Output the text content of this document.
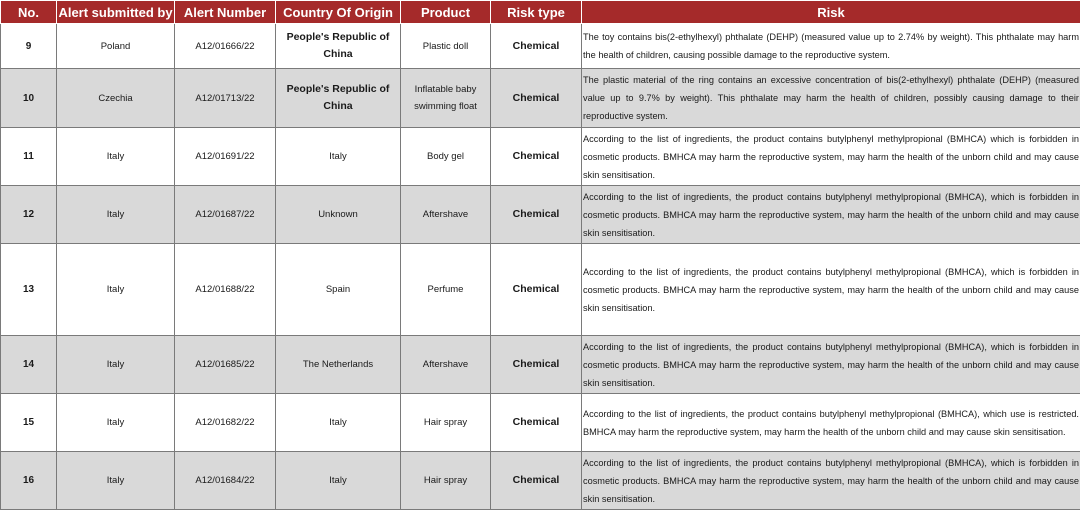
No.	Alert submitted by	Alert Number	Country Of Origin	Product	Risk type	Risk
9	Poland	A12/01666/22	People's Republic of China	Plastic doll	Chemical	The toy contains bis(2-ethylhexyl) phthalate (DEHP) (measured value up to 2.74% by weight). This phthalate may harm the health of children, causing possible damage to the reproductive system.
10	Czechia	A12/01713/22	People's Republic of China	Inflatable baby swimming float	Chemical	The plastic material of the ring contains an excessive concentration of bis(2-ethylhexyl) phthalate (DEHP) (measured value up to 9.7% by weight). This phthalate may harm the health of children, possibly causing damage to their reproductive system.
11	Italy	A12/01691/22	Italy	Body gel	Chemical	According to the list of ingredients, the product contains butylphenyl methylpropional (BMHCA) which is forbidden in cosmetic products. BMHCA may harm the reproductive system, may harm the health of the unborn child and may cause skin sensitisation.
12	Italy	A12/01687/22	Unknown	Aftershave	Chemical	According to the list of ingredients, the product contains butylphenyl methylpropional (BMHCA), which is forbidden in cosmetic products. BMHCA may harm the reproductive system, may harm the health of the unborn child and may cause skin sensitisation.
13	Italy	A12/01688/22	Spain	Perfume	Chemical	According to the list of ingredients, the product contains butylphenyl methylpropional (BMHCA), which is forbidden in cosmetic products. BMHCA may harm the reproductive system, may harm the health of the unborn child and may cause skin sensitisation.
14	Italy	A12/01685/22	The Netherlands	Aftershave	Chemical	According to the list of ingredients, the product contains butylphenyl methylpropional (BMHCA), which is forbidden in cosmetic products. BMHCA may harm the reproductive system, may harm the health of the unborn child and may cause skin sensitisation.
15	Italy	A12/01682/22	Italy	Hair spray	Chemical	According to the list of ingredients, the product contains butylphenyl methylpropional (BMHCA), which use is restricted. BMHCA may harm the reproductive system, may harm the health of the unborn child and may cause skin sensitisation.
16	Italy	A12/01684/22	Italy	Hair spray	Chemical	According to the list of ingredients, the product contains butylphenyl methylpropional (BMHCA), which is forbidden in cosmetic products. BMHCA may harm the reproductive system, may harm the health of the unborn child and may cause skin sensitisation.
